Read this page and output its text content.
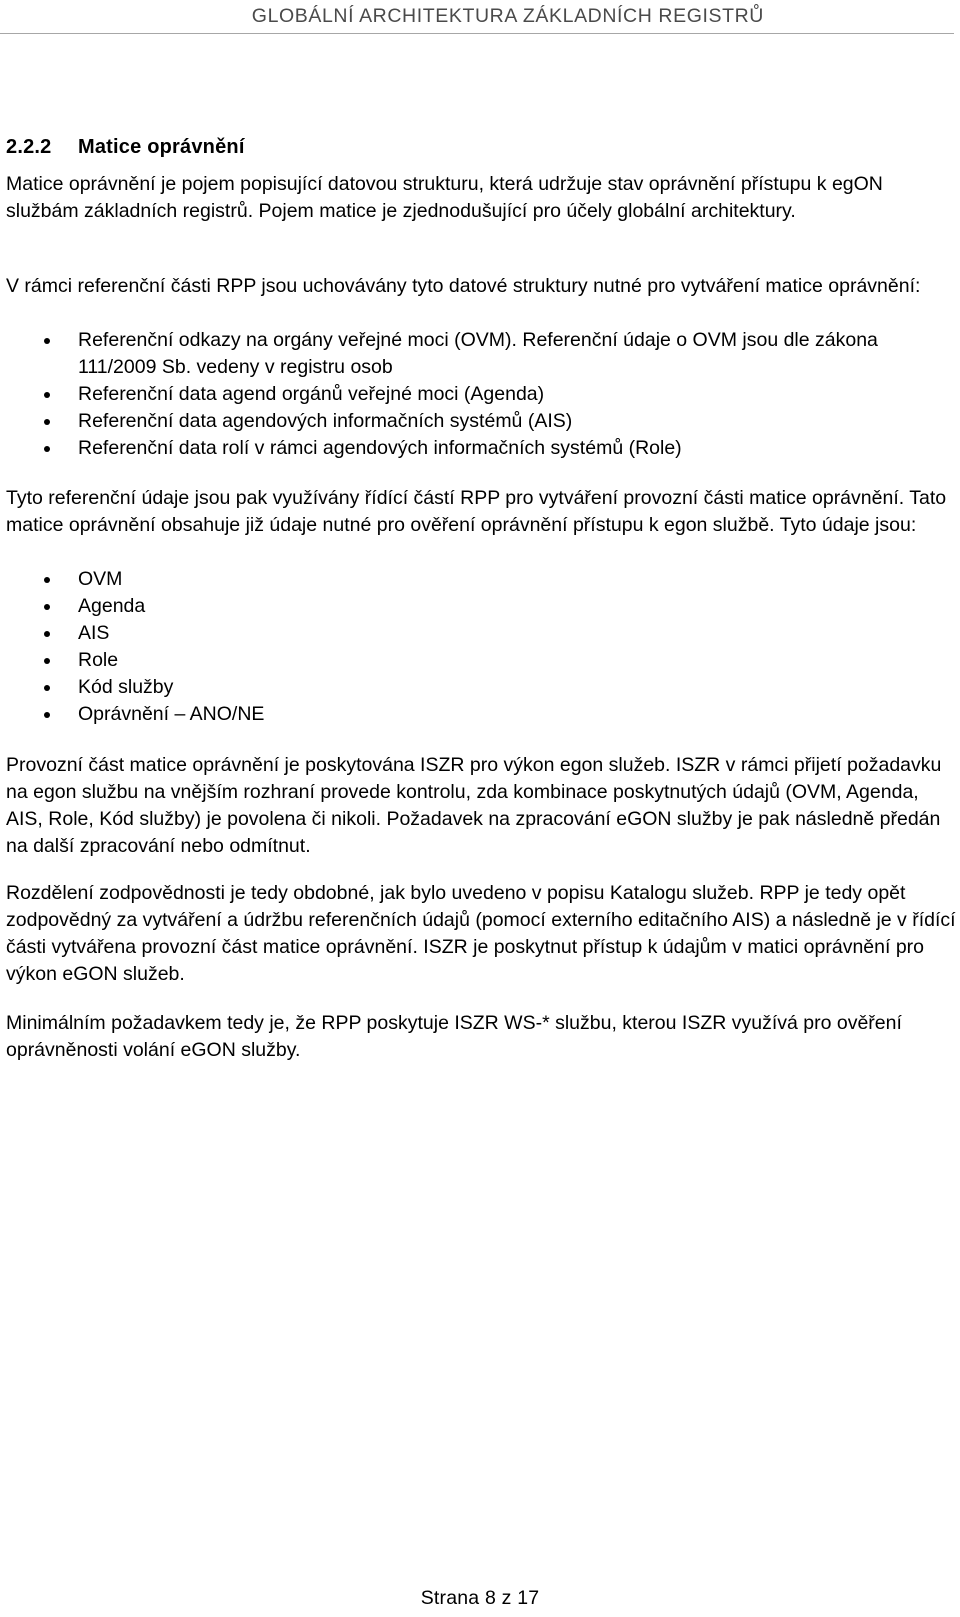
GLOBÁLNÍ ARCHITEKTURA ZÁKLADNÍCH REGISTRŮ
2.2.2 Matice oprávnění

Matice oprávnění je pojem popisující datovou strukturu, která udržuje stav oprávnění přístupu k egON službám základních registrů. Pojem matice je zjednodušující pro účely globální architektury.

V rámci referenční části RPP jsou uchovávány tyto datové struktury nutné pro vytváření matice oprávnění:

Referenční odkazy na orgány veřejné moci (OVM). Referenční údaje o OVM jsou dle zákona 111/2009 Sb. vedeny v registru osob
Referenční data agend orgánů veřejné moci (Agenda)
Referenční data agendových informačních systémů (AIS)
Referenční data rolí v rámci agendových informačních systémů (Role)

Tyto referenční údaje jsou pak využívány řídící částí RPP pro vytváření provozní části matice oprávnění. Tato matice oprávnění obsahuje již údaje nutné pro ověření oprávnění přístupu k egon službě. Tyto údaje jsou:

OVM
Agenda
AIS
Role
Kód služby
Oprávnění – ANO/NE

Provozní část matice oprávnění je poskytována ISZR pro výkon egon služeb. ISZR v rámci přijetí požadavku na egon službu na vnějším rozhraní provede kontrolu, zda kombinace poskytnutých údajů (OVM, Agenda, AIS, Role, Kód služby) je povolena či nikoli. Požadavek na zpracování eGON služby je pak následně předán na další zpracování nebo odmítnut.

Rozdělení zodpovědnosti je tedy obdobné, jak bylo uvedeno v popisu Katalogu služeb. RPP je tedy opět zodpovědný za vytváření a údržbu referenčních údajů (pomocí externího editačního AIS) a následně je v řídící části vytvářena provozní část matice oprávnění. ISZR je poskytnut přístup k údajům v matici oprávnění pro výkon eGON služeb.

Minimálním požadavkem tedy je, že RPP poskytuje ISZR WS-* službu, kterou ISZR využívá pro ověření oprávněnosti volání eGON služby.

Strana 8 z 17
